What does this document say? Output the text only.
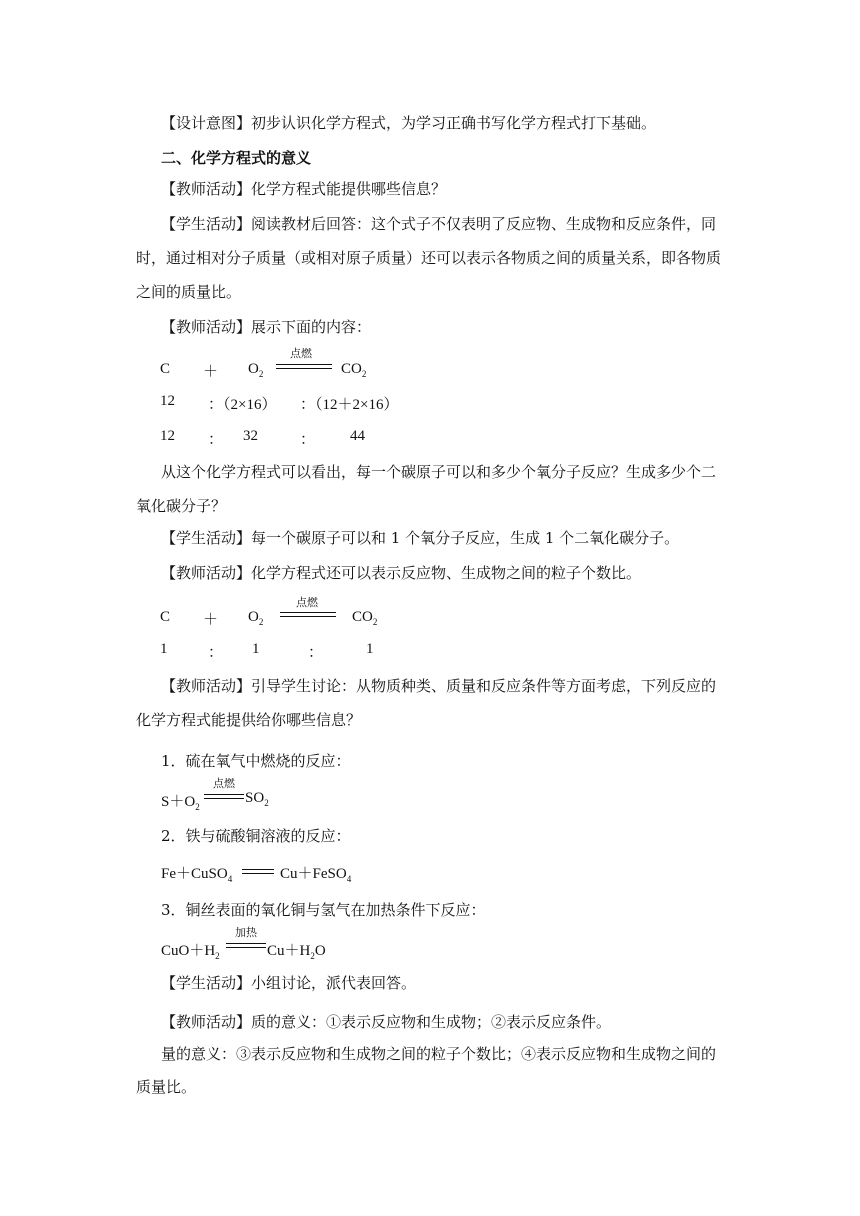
【设计意图】初步认识化学方程式，为学习正确书写化学方程式打下基础。
二、化学方程式的意义
【教师活动】化学方程式能提供哪些信息？
【学生活动】阅读教材后回答：这个式子不仅表明了反应物、生成物和反应条件，同
时，通过相对分子质量（或相对原子质量）还可以表示各物质之间的质量关系，即各物质
之间的质量比。
【教师活动】展示下面的内容：
$C + O_2$
点燃
$CO_2$
12 ：（2×16） ：（12＋2×16）
12 ： 32	： 44
从这个化学方程式可以看出，每一个碳原子可以和多少个氧分子反应？生成多少个二
氧化碳分子？
【学生活动】每一个碳原子可以和 1 个氧分子反应，生成 1 个二氧化碳分子。
【教师活动】化学方程式还可以表示反应物、生成物之间的粒子个数比。
$C + O_2$
点燃
$CO_2$
1	： 1	：	1
【教师活动】引导学生讨论：从物质种类、质量和反应条件等方面考虑，下列反应的
化学方程式能提供给你哪些信息？
1．硫在氧气中燃烧的反应：
$S+O_2$
点燃
$SO_2$
2．铁与硫酸铜溶液的反应：
Fe＋CuSO$_4$	Cu＋FeSO$_4$
3．铜丝表面的氧化铜与氢气在加热条件下反应：
$CuO+H_2$
加热
$Cu+H_2O$
【学生活动】小组讨论，派代表回答。
【教师活动】质的意义：①表示反应物和生成物；②表示反应条件。
量的意义：③表示反应物和生成物之间的粒子个数比；④表示反应物和生成物之间的
质量比。
